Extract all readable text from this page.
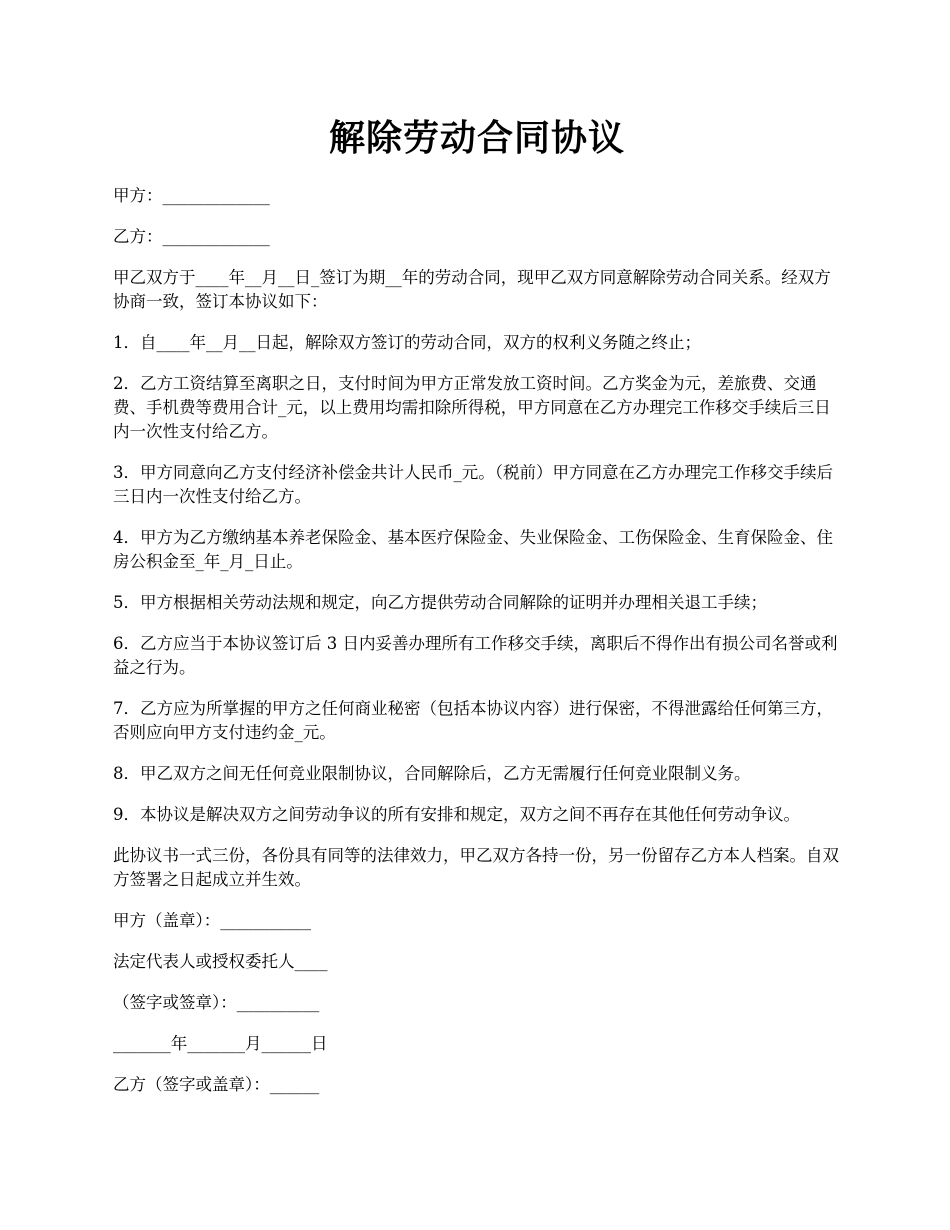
解除劳动合同协议

甲方：_____________

乙方：_____________

甲乙双方于____年__月__日_签订为期__年的劳动合同，现甲乙双方同意解除劳动合同关系。经双方协商一致，签订本协议如下：

1．自____年__月__日起，解除双方签订的劳动合同，双方的权利义务随之终止；

2．乙方工资结算至离职之日，支付时间为甲方正常发放工资时间。乙方奖金为元，差旅费、交通费、手机费等费用合计_元，以上费用均需扣除所得税，甲方同意在乙方办理完工作移交手续后三日内一次性支付给乙方。

3．甲方同意向乙方支付经济补偿金共计人民币_元。（税前）甲方同意在乙方办理完工作移交手续后三日内一次性支付给乙方。

4．甲方为乙方缴纳基本养老保险金、基本医疗保险金、失业保险金、工伤保险金、生育保险金、住房公积金至_年_月_日止。

5．甲方根据相关劳动法规和规定，向乙方提供劳动合同解除的证明并办理相关退工手续；

6．乙方应当于本协议签订后 3 日内妥善办理所有工作移交手续，离职后不得作出有损公司名誉或利益之行为。

7．乙方应为所掌握的甲方之任何商业秘密（包括本协议内容）进行保密，不得泄露给任何第三方，否则应向甲方支付违约金_元。

8．甲乙双方之间无任何竞业限制协议，合同解除后，乙方无需履行任何竞业限制义务。

9．本协议是解决双方之间劳动争议的所有安排和规定，双方之间不再存在其他任何劳动争议。

此协议书一式三份，各份具有同等的法律效力，甲乙双方各持一份，另一份留存乙方本人档案。自双方签署之日起成立并生效。

甲方（盖章）：___________

法定代表人或授权委托人____

（签字或签章）：__________

_______年_______月______日

乙方（签字或盖章）：______
